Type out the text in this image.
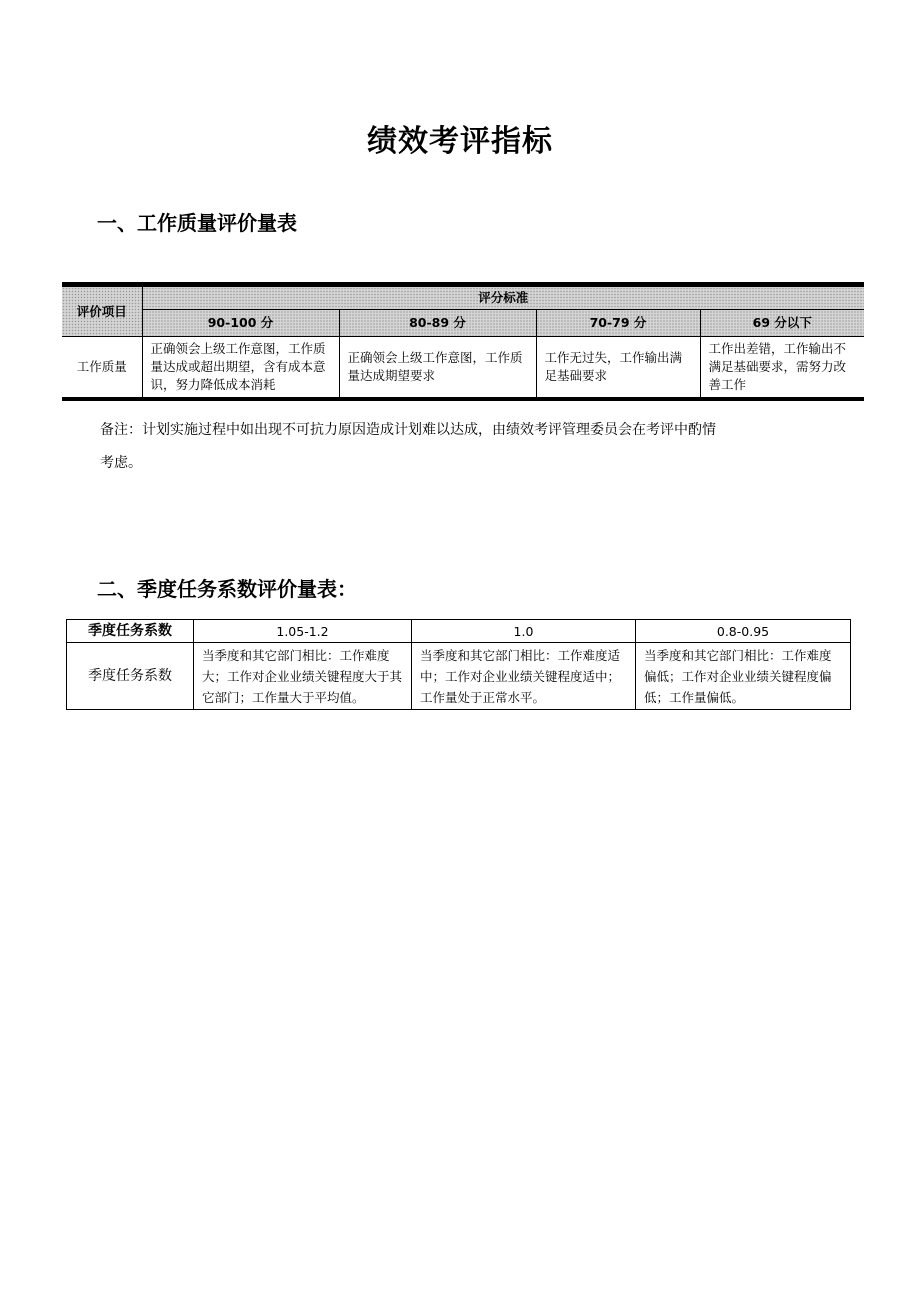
绩效考评指标
一、工作质量评价量表
评价项目	评分标准			
	90-100 分	80-89 分	70-79 分	69 分以下
工作质量	正确领会上级工作意图，工作质量达成或超出期望，含有成本意识，努力降低成本消耗	正确领会上级工作意图，工作质量达成期望要求	工作无过失，工作输出满足基础要求	工作出差错，工作输出不满足基础要求，需努力改善工作

备注：计划实施过程中如出现不可抗力原因造成计划难以达成，由绩效考评管理委员会在考评中酌情

考虑。

二、季度任务系数评价量表：
季度任务系数	1.05-1.2	1.0	0.8-0.95
季度任务系数	当季度和其它部门相比：工作难度大；工作对企业业绩关键程度大于其它部门；工作量大于平均值。	当季度和其它部门相比：工作难度适中；工作对企业业绩关键程度适中；工作量处于正常水平。	当季度和其它部门相比：工作难度偏低；工作对企业业绩关键程度偏低；工作量偏低。
